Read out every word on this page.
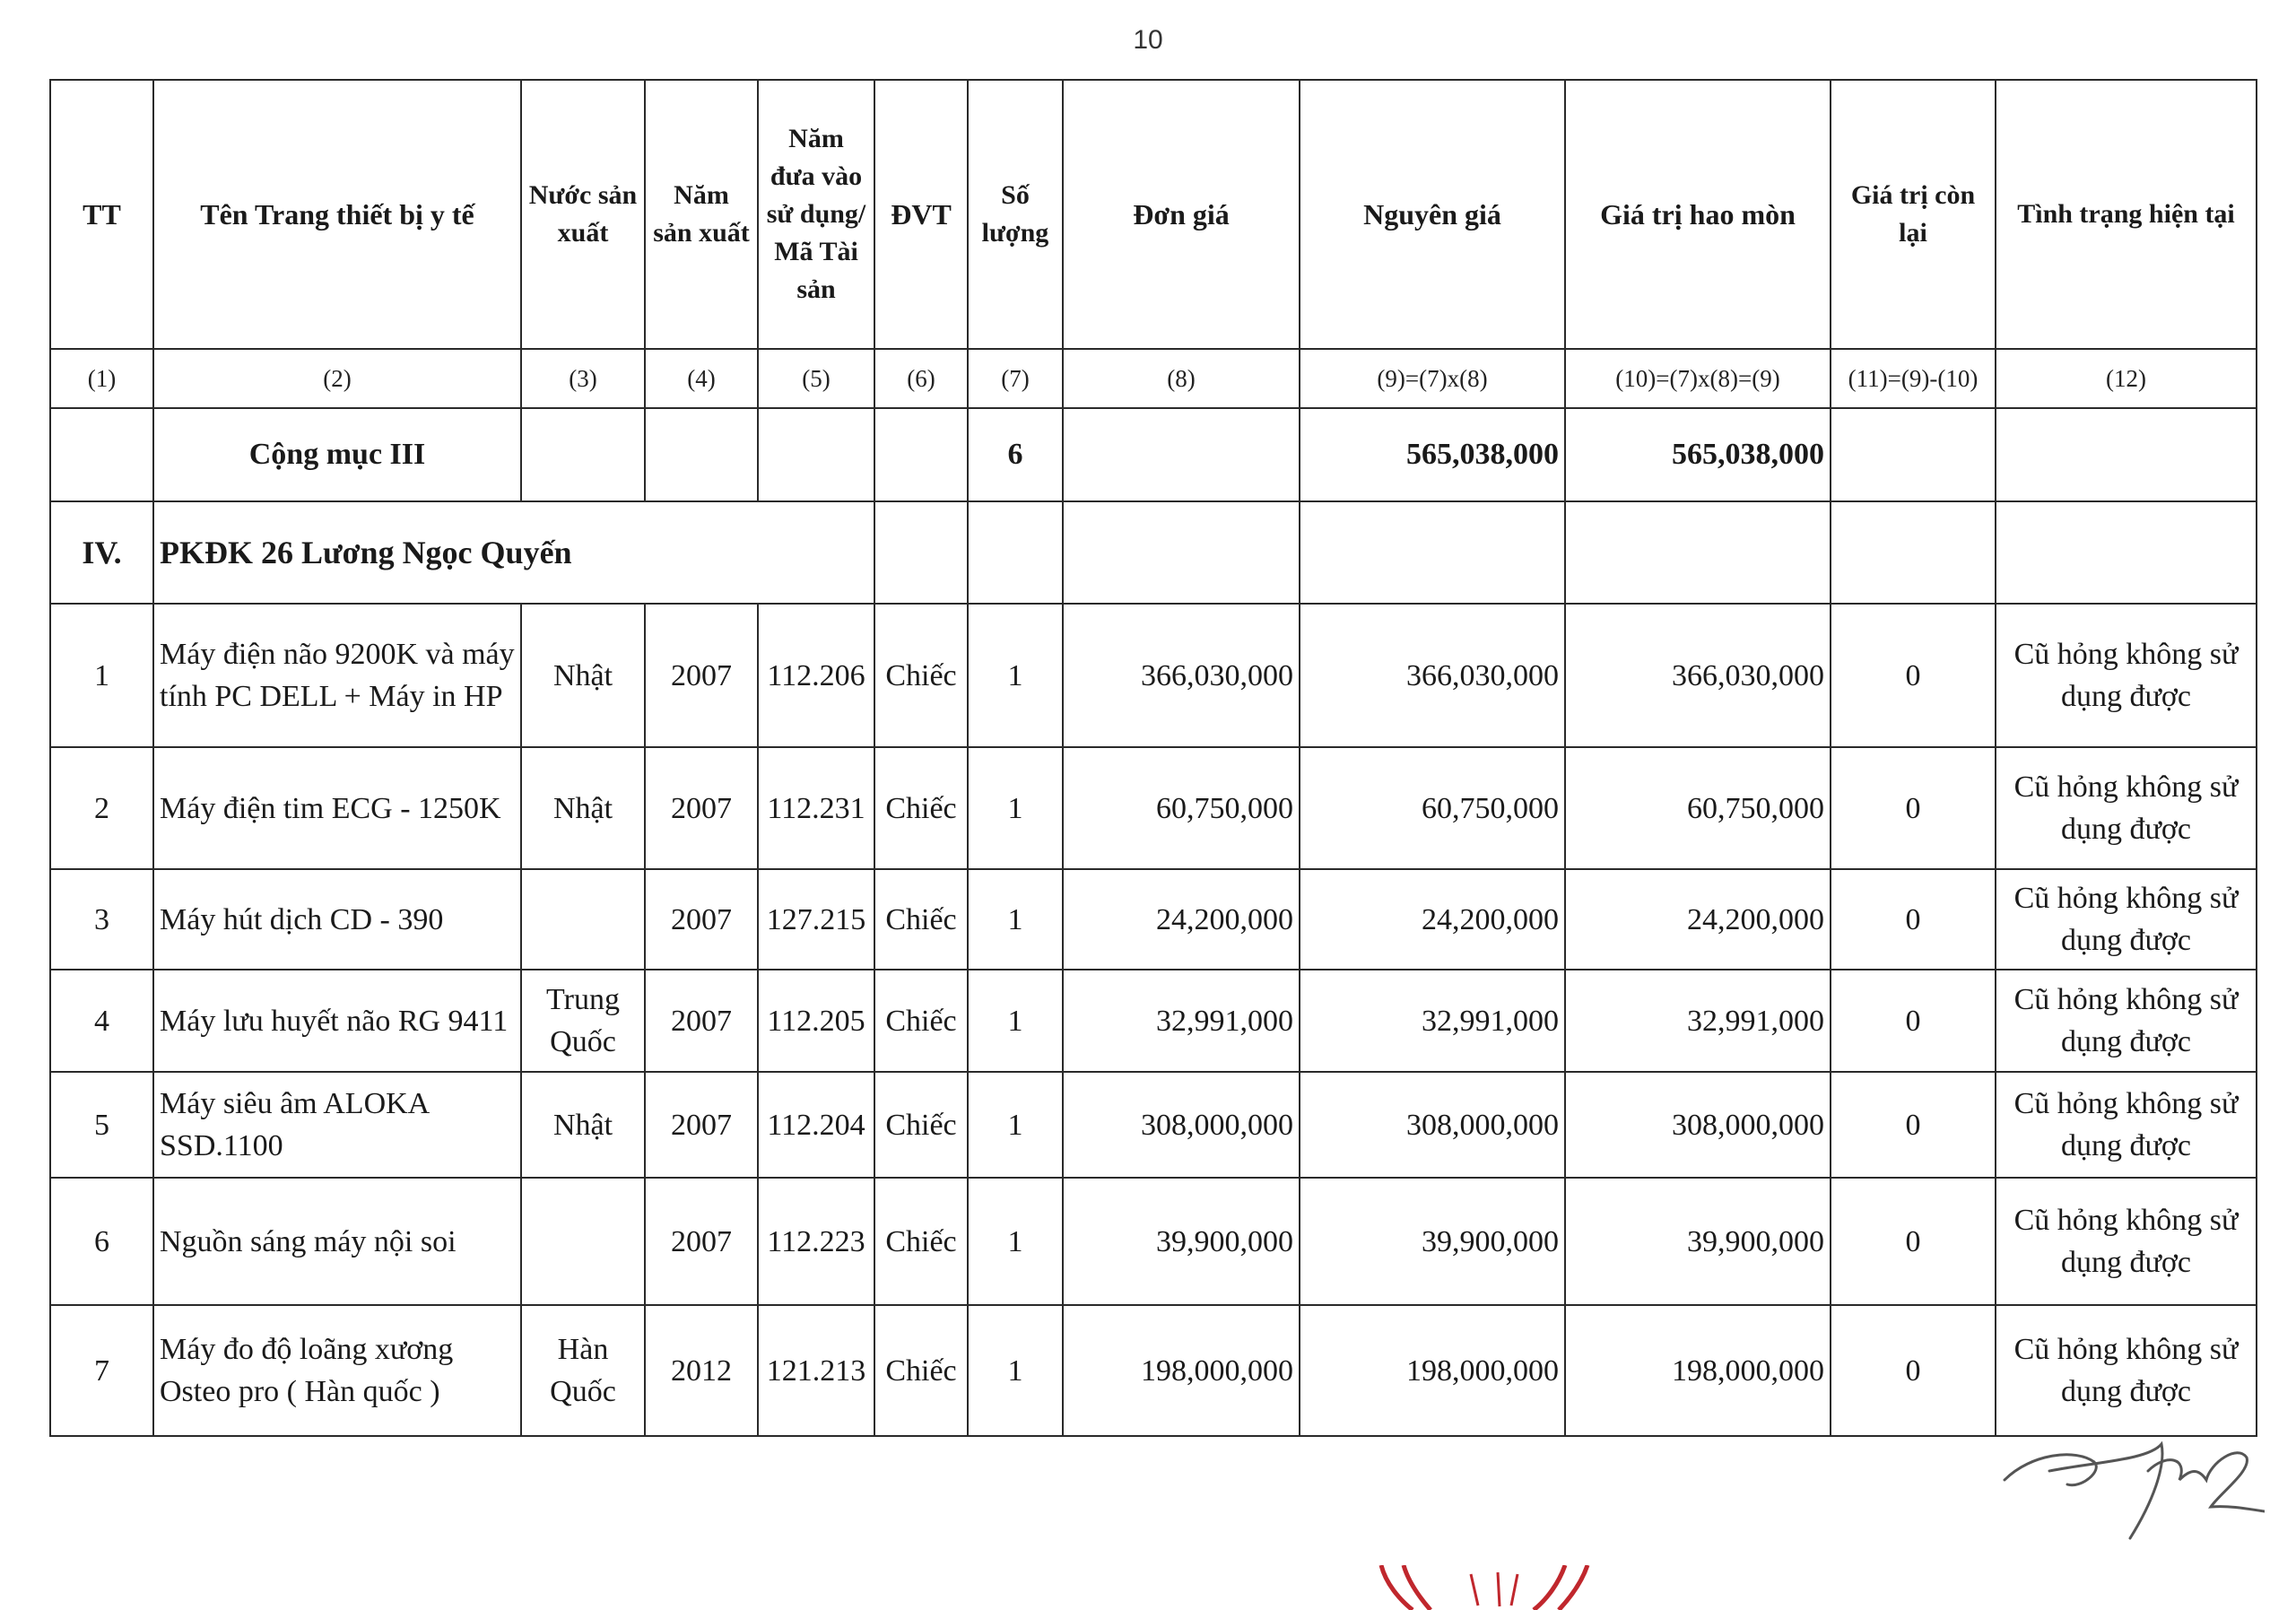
10
TT	Tên Trang thiết bị y tế	Nước sản xuất	Năm sản xuất	Năm đưa vào sử dụng/ Mã Tài sản	ĐVT	Số lượng	Đơn giá	Nguyên giá	Giá trị hao mòn	Giá trị còn lại	Tình trạng hiện tại
(1)	(2)	(3)	(4)	(5)	(6)	(7)	(8)	(9)=(7)x(8)	(10)=(7)x(8)=(9)	(11)=(9)-(10)	(12)
	Cộng mục III					6		565,038,000	565,038,000		
IV.	PKĐK 26 Lương Ngọc Quyến										
1	Máy điện não 9200K và máy tính PC DELL + Máy in HP	Nhật	2007	112.206	Chiếc	1	366,030,000	366,030,000	366,030,000	0	Cũ hỏng không sử dụng được
2	Máy điện tim ECG - 1250K	Nhật	2007	112.231	Chiếc	1	60,750,000	60,750,000	60,750,000	0	Cũ hỏng không sử dụng được
3	Máy hút dịch CD - 390		2007	127.215	Chiếc	1	24,200,000	24,200,000	24,200,000	0	Cũ hỏng không sử dụng được
4	Máy lưu huyết não RG 9411	Trung Quốc	2007	112.205	Chiếc	1	32,991,000	32,991,000	32,991,000	0	Cũ hỏng không sử dụng được
5	Máy siêu âm ALOKA SSD.1100	Nhật	2007	112.204	Chiếc	1	308,000,000	308,000,000	308,000,000	0	Cũ hỏng không sử dụng được
6	Nguồn sáng máy nội soi		2007	112.223	Chiếc	1	39,900,000	39,900,000	39,900,000	0	Cũ hỏng không sử dụng được
7	Máy đo độ loãng xương Osteo pro ( Hàn quốc )	Hàn Quốc	2012	121.213	Chiếc	1	198,000,000	198,000,000	198,000,000	0	Cũ hỏng không sử dụng được
